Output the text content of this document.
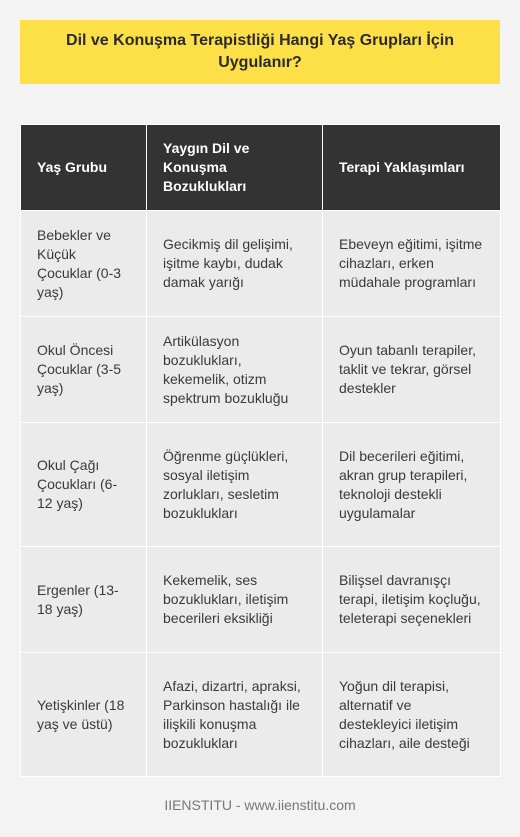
Dil ve Konuşma Terapistliği Hangi Yaş Grupları İçin Uygulanır?
Yaş Grubu	Yaygın Dil ve Konuşma Bozuklukları	Terapi Yaklaşımları
Bebekler ve Küçük Çocuklar (0-3 yaş)	Gecikmiş dil gelişimi, işitme kaybı, dudak damak yarığı	Ebeveyn eğitimi, işitme cihazları, erken müdahale programları
Okul Öncesi Çocuklar (3-5 yaş)	Artikülasyon bozuklukları, kekemelik, otizm spektrum bozukluğu	Oyun tabanlı terapiler, taklit ve tekrar, görsel destekler
Okul Çağı Çocukları (6-12 yaş)	Öğrenme güçlükleri, sosyal iletişim zorlukları, sesletim bozuklukları	Dil becerileri eğitimi, akran grup terapileri, teknoloji destekli uygulamalar
Ergenler (13-18 yaş)	Kekemelik, ses bozuklukları, iletişim becerileri eksikliği	Bilişsel davranışçı terapi, iletişim koçluğu, teleterapi seçenekleri
Yetişkinler (18 yaş ve üstü)	Afazi, dizartri, apraksi, Parkinson hastalığı ile ilişkili konuşma bozuklukları	Yoğun dil terapisi, alternatif ve destekleyici iletişim cihazları, aile desteği
IIENSTITU - www.iienstitu.com
